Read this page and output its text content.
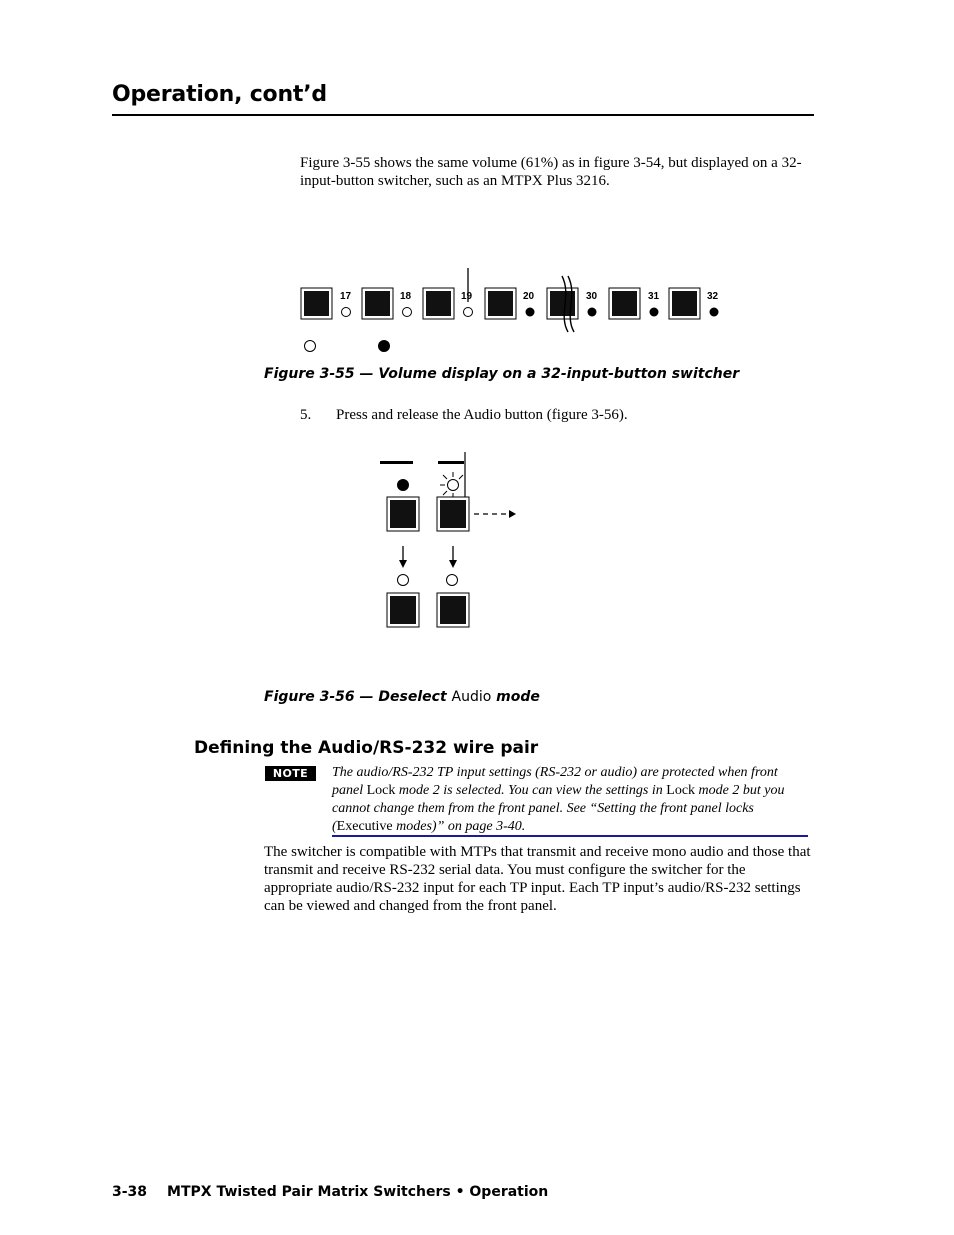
Operation, cont’d
Figure 3-55 shows the same volume (61%) as in figure 3-54, but displayed on a 32-input-button switcher, such as an MTPX Plus 3216.
17	18	19	20	30	31	32
Figure 3-55 — Volume display on a 32-input-button switcher
5. Press and release the Audio button (figure 3-56).
Figure 3-56 — Deselect Audio mode
Defining the Audio/RS-232 wire pair
NOTE	The audio/RS-232 TP input settings (RS-232 or audio) are protected when front panel Lock mode 2 is selected. You can view the settings in Lock mode 2 but you cannot change them from the front panel. See “Setting the front panel locks (Executive modes)” on page 3-40.
The switcher is compatible with MTPs that transmit and receive mono audio and those that transmit and receive RS-232 serial data. You must configure the switcher for the appropriate audio/RS-232 input for each TP input. Each TP input’s audio/RS-232 settings can be viewed and changed from the front panel.
3-38 MTPX Twisted Pair Matrix Switchers • Operation
